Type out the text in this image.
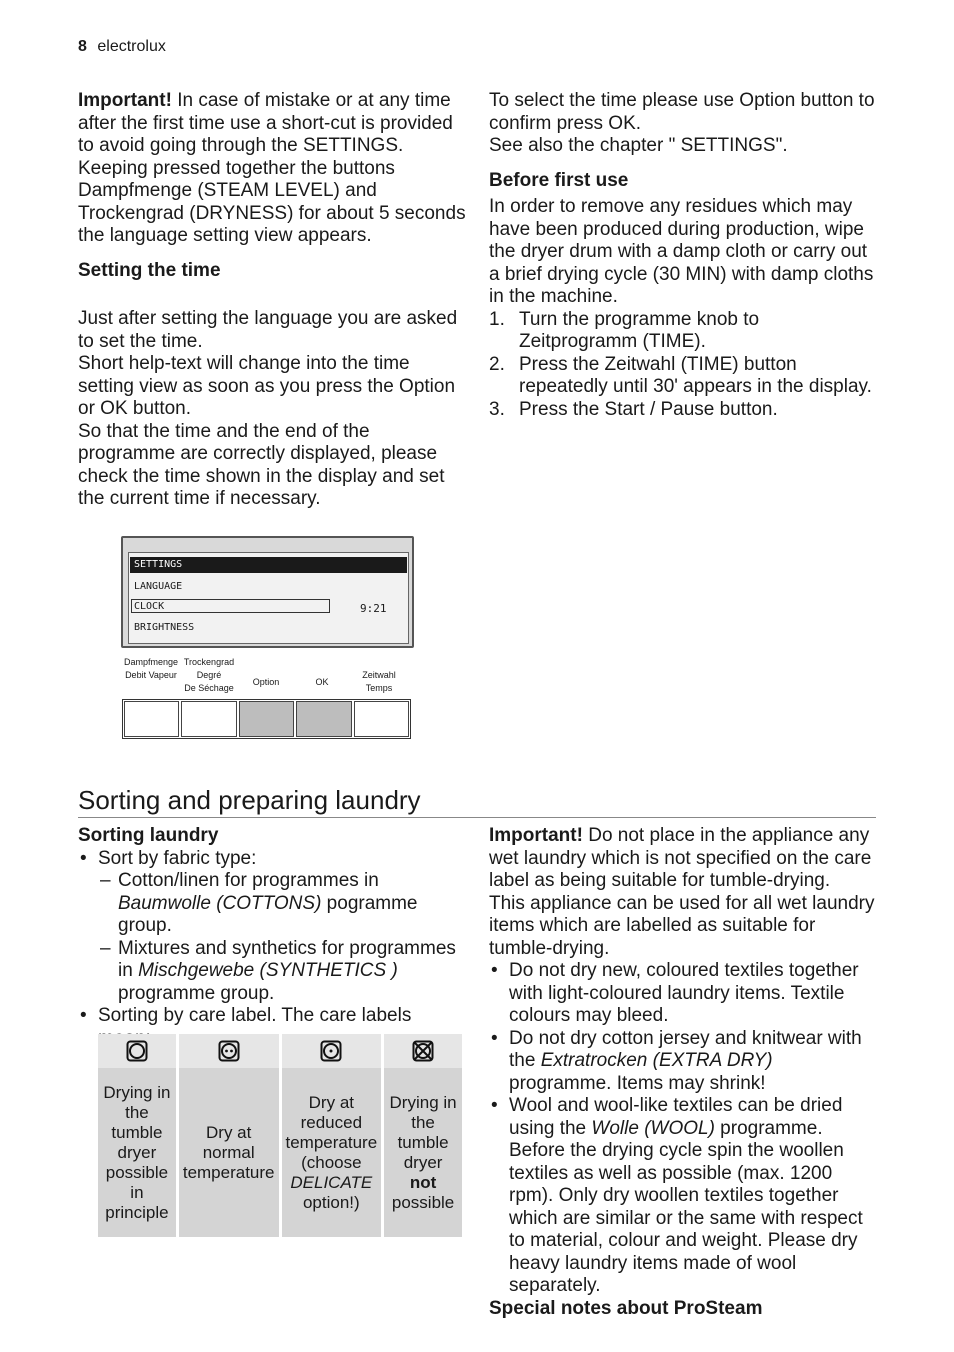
8 electrolux

Important! In case of mistake or at any time after the first time use a short-cut is provided to avoid going through the SETTINGS. Keeping pressed together the buttons Dampfmenge (STEAM LEVEL) and Trockengrad (DRYNESS) for about 5 seconds the language setting view appears.

Setting the time

Just after setting the language you are asked to set the time.

Short help-text will change into the time setting view as soon as you press the Option or OK button.

So that the time and the end of the programme are correctly displayed, please check the time shown in the display and set the current time if necessary.

To select the time please use Option button to confirm press OK.

See also the chapter " SETTINGS".

Before first use

In order to remove any residues which may have been produced during production, wipe the dryer drum with a damp cloth or carry out a brief drying cycle (30 MIN) with damp cloths in the machine.

1. Turn the programme knob to Zeitprogramm (TIME).
2. Press the Zeitwahl (TIME) button repeatedly until 30' appears in the display.
3. Press the Start / Pause button.
SETTINGS
LANGUAGE
CLOCK	9:21
BRIGHTNESS
Dampfmenge
Debit Vapeur
Trockengrad
Degré
De Séchage
Option	OK
Zeitwahl
Temps
Sorting and preparing laundry

Sorting laundry

• Sort by fabric type:
– Cotton/linen for programmes in Baumwolle (COTTONS) pogramme group.
– Mixtures and synthetics for programmes in Mischgewebe (SYNTHETICS ) programme group.
• Sorting by care label. The care labels
Drying in the tumble dryer possible in principle
Dry at normal temperature
Dry at reduced temperature (choose DELICATE option!)
Drying in the tumble dryer not possible

Important! Do not place in the appliance any wet laundry which is not specified on the care label as being suitable for tumble-drying.

This appliance can be used for all wet laundry items which are labelled as suitable for tumble-drying.

• Do not dry new, coloured textiles together with light-coloured laundry items. Textile colours may bleed.
• Do not dry cotton jersey and knitwear with the Extratrocken (EXTRA DRY) programme. Items may shrink!
• Wool and wool-like textiles can be dried using the Wolle (WOOL) programme. Before the drying cycle spin the woollen textiles as well as possible (max. 1200 rpm). Only dry woollen textiles together which are similar or the same with respect to material, colour and weight. Please dry heavy laundry items made of wool separately.

Special notes about ProSteam
